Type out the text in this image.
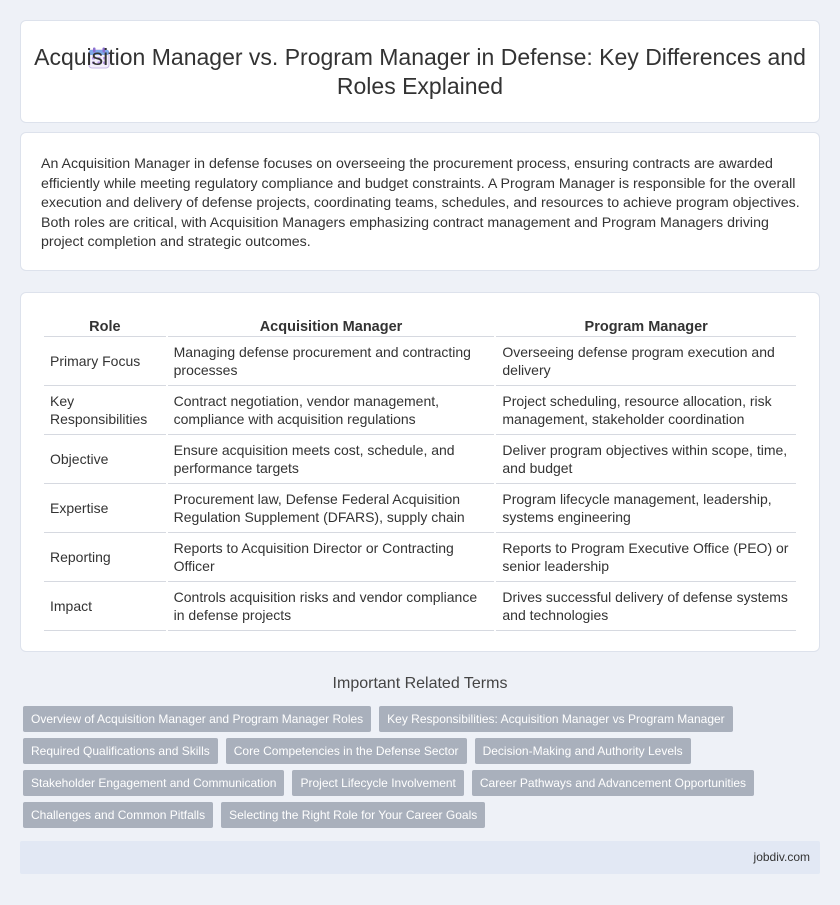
Acquisition Manager vs. Program Manager in Defense: Key Differences and Roles Explained

An Acquisition Manager in defense focuses on overseeing the procurement process, ensuring contracts are awarded efficiently while meeting regulatory compliance and budget constraints. A Program Manager is responsible for the overall execution and delivery of defense projects, coordinating teams, schedules, and resources to achieve program objectives. Both roles are critical, with Acquisition Managers emphasizing contract management and Program Managers driving project completion and strategic outcomes.

Role	Acquisition Manager	Program Manager
Primary Focus	Managing defense procurement and contracting processes	Overseeing defense program execution and delivery
Key Responsibilities	Contract negotiation, vendor management, compliance with acquisition regulations	Project scheduling, resource allocation, risk management, stakeholder coordination
Objective	Ensure acquisition meets cost, schedule, and performance targets	Deliver program objectives within scope, time, and budget
Expertise	Procurement law, Defense Federal Acquisition Regulation Supplement (DFARS), supply chain	Program lifecycle management, leadership, systems engineering
Reporting	Reports to Acquisition Director or Contracting Officer	Reports to Program Executive Office (PEO) or senior leadership
Impact	Controls acquisition risks and vendor compliance in defense projects	Drives successful delivery of defense systems and technologies
Important Related Terms
Overview of Acquisition Manager and Program Manager Roles	Key Responsibilities: Acquisition Manager vs Program Manager
Required Qualifications and Skills	Core Competencies in the Defense Sector	Decision-Making and Authority Levels
Stakeholder Engagement and Communication	Project Lifecycle Involvement	Career Pathways and Advancement Opportunities
Challenges and Common Pitfalls	Selecting the Right Role for Your Career Goals
jobdiv.com
